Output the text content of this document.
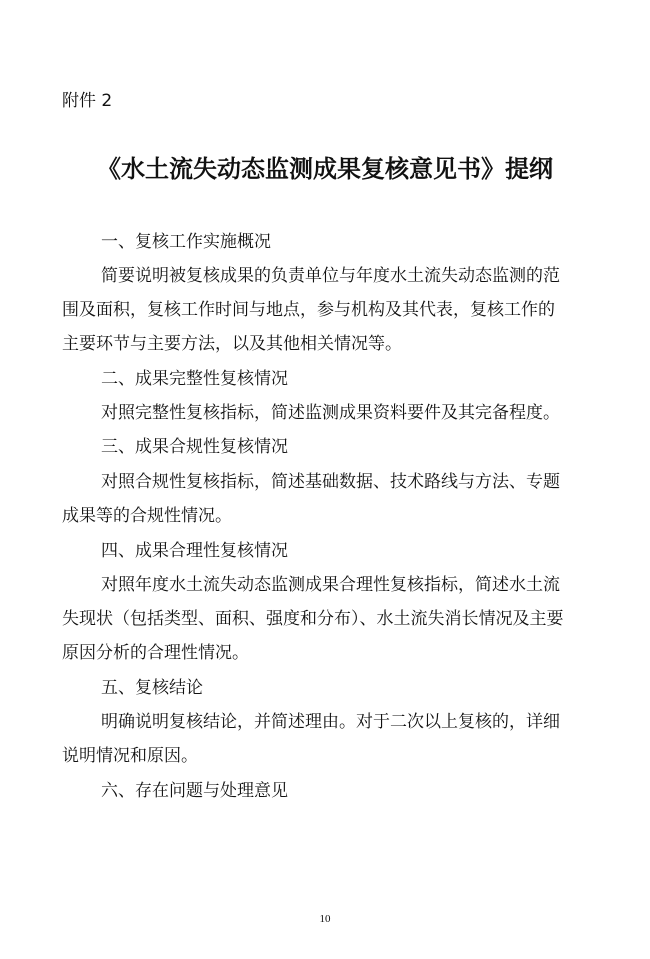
附件 2
《水土流失动态监测成果复核意见书》提纲
一、复核工作实施概况
简要说明被复核成果的负责单位与年度水土流失动态监测的范
围及面积，复核工作时间与地点，参与机构及其代表，复核工作的
主要环节与主要方法，以及其他相关情况等。
二、成果完整性复核情况
对照完整性复核指标，简述监测成果资料要件及其完备程度。
三、成果合规性复核情况
对照合规性复核指标，简述基础数据、技术路线与方法、专题
成果等的合规性情况。
四、成果合理性复核情况
对照年度水土流失动态监测成果合理性复核指标，简述水土流
失现状（包括类型、面积、强度和分布）、水土流失消长情况及主要
原因分析的合理性情况。
五、复核结论
明确说明复核结论，并简述理由。对于二次以上复核的，详细
说明情况和原因。
六、存在问题与处理意见
10
